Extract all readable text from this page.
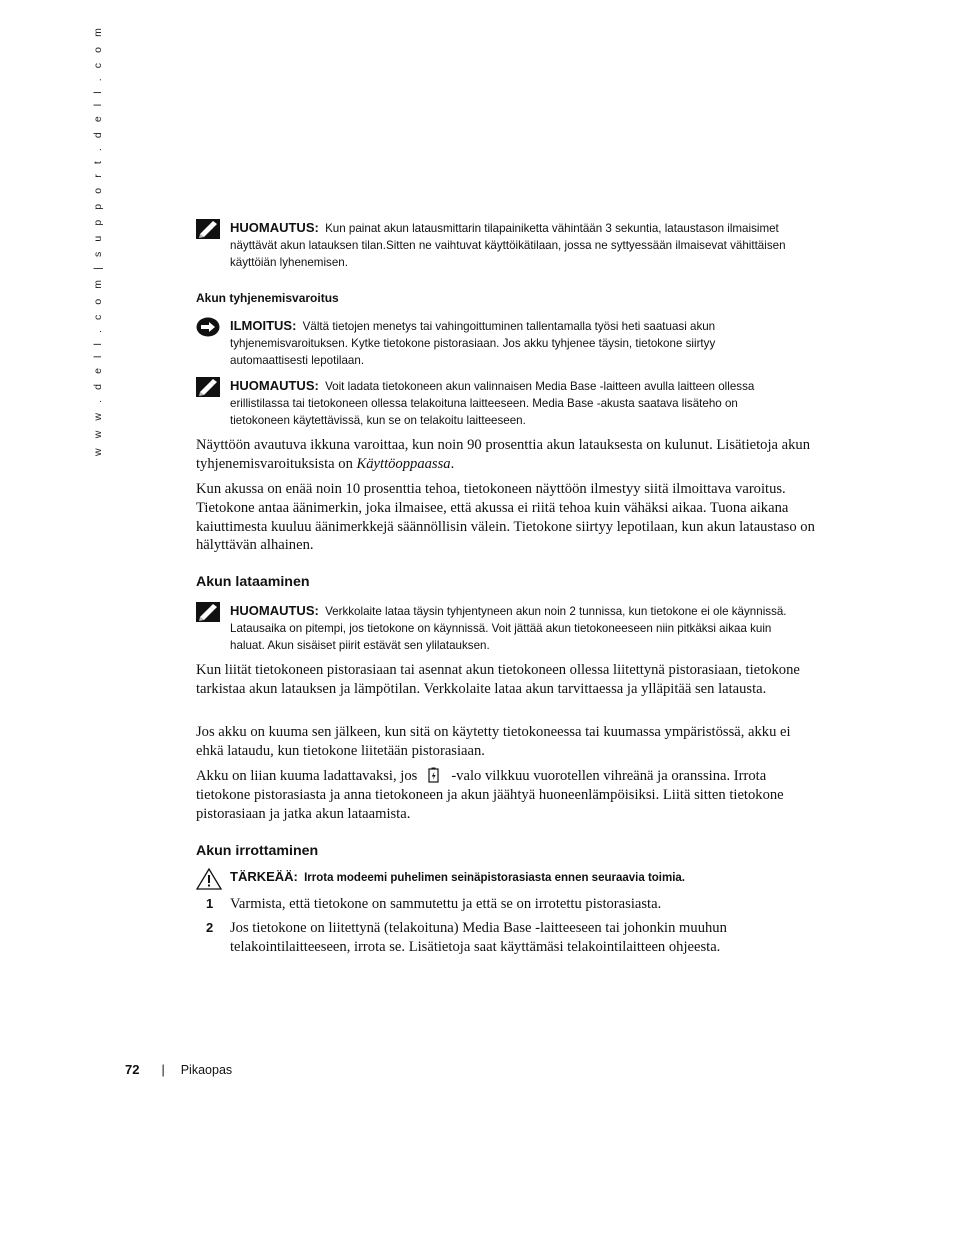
w w w . d e l l . c o m | s u p p o r t . d e l l . c o m	HUOMAUTUS: Kun painat akun latausmittarin tilapainiketta vähintään 3 sekuntia, lataustason ilmaisimet näyttävät akun latauksen tilan.Sitten ne vaihtuvat käyttöikätilaan, jossa ne syttyessään ilmaisevat vähittäisen käyttöiän lyhenemisen.
Akun tyhjenemisvaroitus
ILMOITUS: Vältä tietojen menetys tai vahingoittuminen tallentamalla työsi heti saatuasi akun tyhjenemisvaroituksen. Kytke tietokone pistorasiaan. Jos akku tyhjenee täysin, tietokone siirtyy automaattisesti lepotilaan.
HUOMAUTUS: Voit ladata tietokoneen akun valinnaisen Media Base -laitteen avulla laitteen ollessa erillistilassa tai tietokoneen ollessa telakoituna laitteeseen. Media Base -akusta saatava lisäteho on tietokoneen käytettävissä, kun se on telakoitu laitteeseen.
Näyttöön avautuva ikkuna varoittaa, kun noin 90 prosenttia akun latauksesta on kulunut. Lisätietoja akun tyhjenemisvaroituksista on Käyttöoppaassa.
Kun akussa on enää noin 10 prosenttia tehoa, tietokoneen näyttöön ilmestyy siitä ilmoittava varoitus. Tietokone antaa äänimerkin, joka ilmaisee, että akussa ei riitä tehoa kuin vähäksi aikaa. Tuona aikana kaiuttimesta kuuluu äänimerkkejä säännöllisin välein. Tietokone siirtyy lepotilaan, kun akun lataustaso on hälyttävän alhainen.
Akun lataaminen
HUOMAUTUS: Verkkolaite lataa täysin tyhjentyneen akun noin 2 tunnissa, kun tietokone ei ole käynnissä. Latausaika on pitempi, jos tietokone on käynnissä. Voit jättää akun tietokoneeseen niin pitkäksi aikaa kuin haluat. Akun sisäiset piirit estävät sen ylilatauksen.
Kun liität tietokoneen pistorasiaan tai asennat akun tietokoneen ollessa liitettynä pistorasiaan, tietokone tarkistaa akun latauksen ja lämpötilan. Verkkolaite lataa akun tarvittaessa ja ylläpitää sen latausta.
Jos akku on kuuma sen jälkeen, kun sitä on käytetty tietokoneessa tai kuumassa ympäristössä, akku ei ehkä lataudu, kun tietokone liitetään pistorasiaan.
Akku on liian kuuma ladattavaksi, jos -valo vilkkuu vuorotellen vihreänä ja oranssina. Irrota tietokone pistorasiasta ja anna tietokoneen ja akun jäähtyä huoneenlämpöisiksi. Liitä sitten tietokone pistorasiaan ja jatka akun lataamista.
Akun irrottaminen
TÄRKEÄÄ: Irrota modeemi puhelimen seinäpistorasiasta ennen seuraavia toimia.
1 Varmista, että tietokone on sammutettu ja että se on irrotettu pistorasiasta.
2 Jos tietokone on liitettynä (telakoituna) Media Base -laitteeseen tai johonkin muuhun telakointilaitteeseen, irrota se. Lisätietoja saat käyttämäsi telakointilaitteen ohjeesta.
72 | Pikaopas
